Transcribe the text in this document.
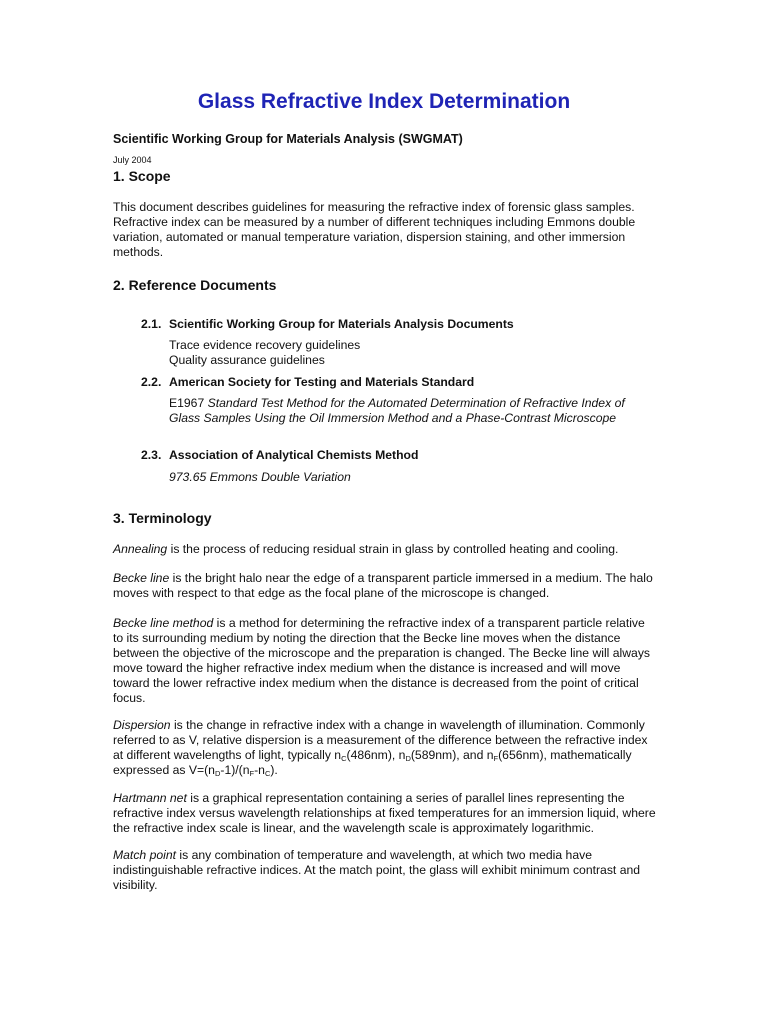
Glass Refractive Index Determination
Scientific Working Group for Materials Analysis (SWGMAT)
July 2004
1. Scope

This document describes guidelines for measuring the refractive index of forensic glass samples. Refractive index can be measured by a number of different techniques including Emmons double variation, automated or manual temperature variation, dispersion staining, and other immersion methods.

2. Reference Documents
2.1. Scientific Working Group for Materials Analysis Documents
Trace evidence recovery guidelines
Quality assurance guidelines
2.2. American Society for Testing and Materials Standard

E1967 Standard Test Method for the Automated Determination of Refractive Index of Glass Samples Using the Oil Immersion Method and a Phase-Contrast Microscope

2.3. Association of Analytical Chemists Method
973.65 Emmons Double Variation
3. Terminology

Annealing is the process of reducing residual strain in glass by controlled heating and cooling.

Becke line is the bright halo near the edge of a transparent particle immersed in a medium. The halo moves with respect to that edge as the focal plane of the microscope is changed.

Becke line method is a method for determining the refractive index of a transparent particle relative to its surrounding medium by noting the direction that the Becke line moves when the distance between the objective of the microscope and the preparation is changed. The Becke line will always move toward the higher refractive index medium when the distance is increased and will move toward the lower refractive index medium when the distance is decreased from the point of critical focus.

Dispersion is the change in refractive index with a change in wavelength of illumination. Commonly referred to as V, relative dispersion is a measurement of the difference between the refractive index at different wavelengths of light, typically $n_C(486nm)$, $n_D(589nm)$, and $n_F(656nm)$, mathematically expressed as $V=(n_D-1)/(n_F-n_C)$.

Hartmann net is a graphical representation containing a series of parallel lines representing the refractive index versus wavelength relationships at fixed temperatures for an immersion liquid, where the refractive index scale is linear, and the wavelength scale is approximately logarithmic.

Match point is any combination of temperature and wavelength, at which two media have indistinguishable refractive indices. At the match point, the glass will exhibit minimum contrast and visibility.
